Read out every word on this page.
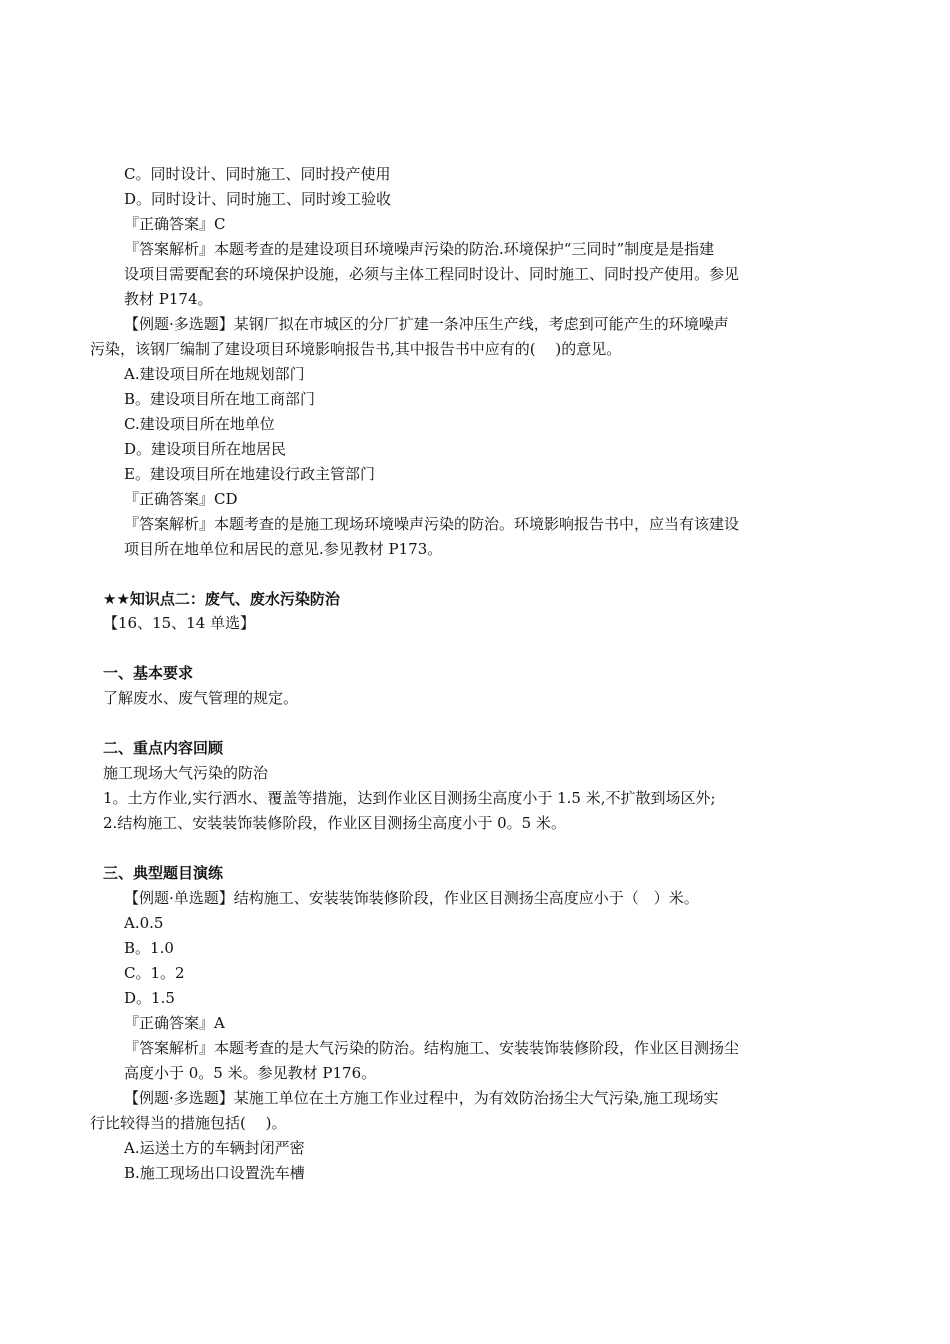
C。同时设计、同时施工、同时投产使用
D。同时设计、同时施工、同时竣工验收
『正确答案』C
『答案解析』本题考查的是建设项目环境噪声污染的防治.环境保护“三同时”制度是是指建
设项目需要配套的环境保护设施，必须与主体工程同时设计、同时施工、同时投产使用。参见
教材 P174。
【例题·多选题】某钢厂拟在市城区的分厂扩建一条冲压生产线，考虑到可能产生的环境噪声
污染，该钢厂编制了建设项目环境影响报告书,其中报告书中应有的(　 )的意见。
A.建设项目所在地规划部门
B。建设项目所在地工商部门
C.建设项目所在地单位
D。建设项目所在地居民
E。建设项目所在地建设行政主管部门
『正确答案』CD
『答案解析』本题考查的是施工现场环境噪声污染的防治。环境影响报告书中，应当有该建设
项目所在地单位和居民的意见.参见教材 P173。
★★知识点二：废气、废水污染防治
【16、15、14 单选】
一、基本要求
了解废水、废气管理的规定。
二、重点内容回顾
施工现场大气污染的防治
1。土方作业,实行洒水、覆盖等措施，达到作业区目测扬尘高度小于 1.5 米,不扩散到场区外;
2.结构施工、安装装饰装修阶段，作业区目测扬尘高度小于 0。5 米。
三、典型题目演练
【例题·单选题】结构施工、安装装饰装修阶段，作业区目测扬尘高度应小于（　）米。
A.0.5
B。1.0
C。1。2
D。1.5
『正确答案』A
『答案解析』本题考查的是大气污染的防治。结构施工、安装装饰装修阶段，作业区目测扬尘
高度小于 0。5 米。参见教材 P176。
【例题·多选题】某施工单位在土方施工作业过程中，为有效防治扬尘大气污染,施工现场实
行比较得当的措施包括(　 )。
A.运送土方的车辆封闭严密
B.施工现场出口设置洗车槽
